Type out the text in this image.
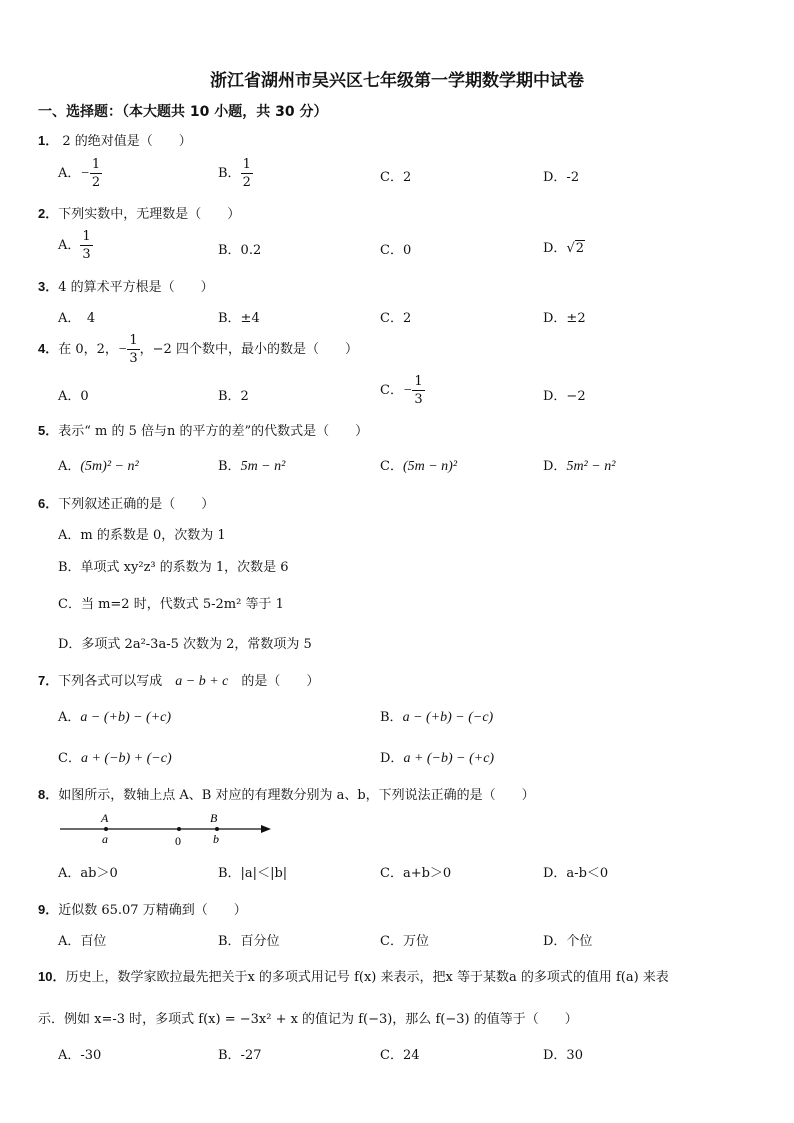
浙江省湖州市吴兴区七年级第一学期数学期中试卷
一、选择题：（本大题共 10 小题，共 30 分）
1． 2 的绝对值是（　　）
A．− $\frac{1}{2}$	B． $\frac{1}{2}$	C．2	D．-2
2．下列实数中，无理数是（　　）
A． $\frac{1}{3}$	B．0.2	C．0	D．√2
3．4 的算术平方根是（　　）
A．　4	B．±4	C．2	D．±2
4．在 0，2，− $\frac{1}{3}$ ，−2 四个数中，最小的数是（　　）
A．0	B．2	C．− $\frac{1}{3}$	D．−2
5．表示“ m 的 5 倍与n 的平方的差”的代数式是（　　）
A．(5m)² − n²	B．5m − n²	C．(5m − n)²	D．5m² − n²
6．下列叙述正确的是（　　）
A．m 的系数是 0，次数为 1
B．单项式 xy²z³ 的系数为 1，次数是 6
C．当 m=2 时，代数式 5-2m² 等于 1
D．多项式 2a²-3a-5 次数为 2，常数项为 5
7．下列各式可以写成　 a − b + c　 的是（　　）
A．a − (+b) − (+c)	B．a − (+b) − (−c)
C．a + (−b) + (−c)	D．a + (−b) − (+c)
8．如图所示，数轴上点 A、B 对应的有理数分别为 a、b，下列说法正确的是（　　）
A
a	0
B
b
A．ab＞0	B．|a|＜|b|	C．a+b＞0	D．a-b＜0
9．近似数 65.07 万精确到（　　）
A．百位	B．百分位	C．万位	D．个位
10．历史上，数学家欧拉最先把关于x 的多项式用记号 f(x) 来表示，把x 等于某数a 的多项式的值用 f(a) 来表
示．例如 x=-3 时，多项式 f(x) = −3x² + x 的值记为 f(−3)，那么 f(−3) 的值等于（　　）
A．-30	B．-27	C．24	D．30
